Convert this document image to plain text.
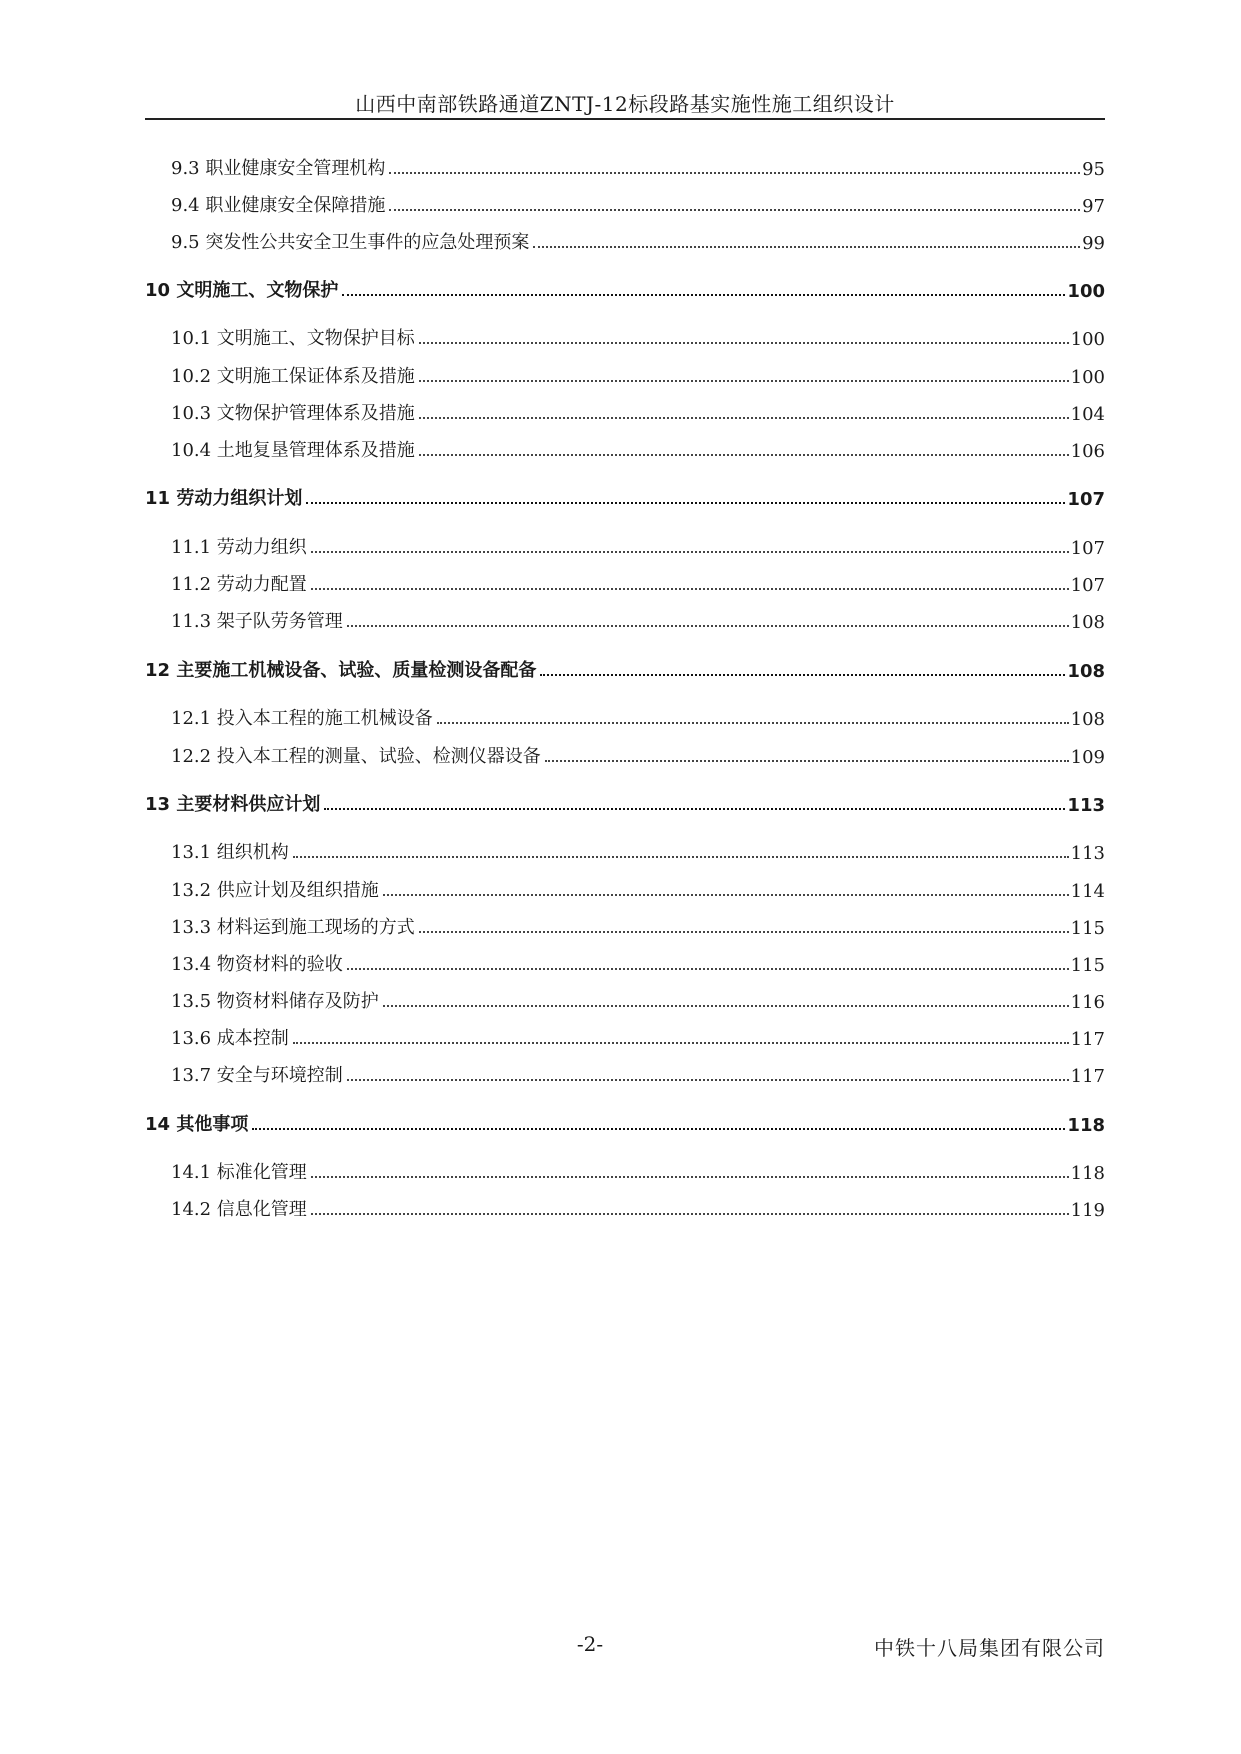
山西中南部铁路通道ZNTJ-12标段路基实施性施工组织设计
9.3 职业健康安全管理机构	95
9.4 职业健康安全保障措施	97
9.5 突发性公共安全卫生事件的应急处理预案	99
10 文明施工、文物保护	100
10.1 文明施工、文物保护目标	100
10.2 文明施工保证体系及措施	100
10.3 文物保护管理体系及措施	104
10.4 土地复垦管理体系及措施	106
11 劳动力组织计划	107
11.1 劳动力组织	107
11.2 劳动力配置	107
11.3 架子队劳务管理	108
12 主要施工机械设备、试验、质量检测设备配备	108
12.1 投入本工程的施工机械设备	108
12.2 投入本工程的测量、试验、检测仪器设备	109
13 主要材料供应计划	113
13.1 组织机构	113
13.2 供应计划及组织措施	114
13.3 材料运到施工现场的方式	115
13.4 物资材料的验收	115
13.5 物资材料储存及防护	116
13.6 成本控制	117
13.7 安全与环境控制	117
14 其他事项	118
14.1 标准化管理	118
14.2 信息化管理	119
-2-	中铁十八局集团有限公司
